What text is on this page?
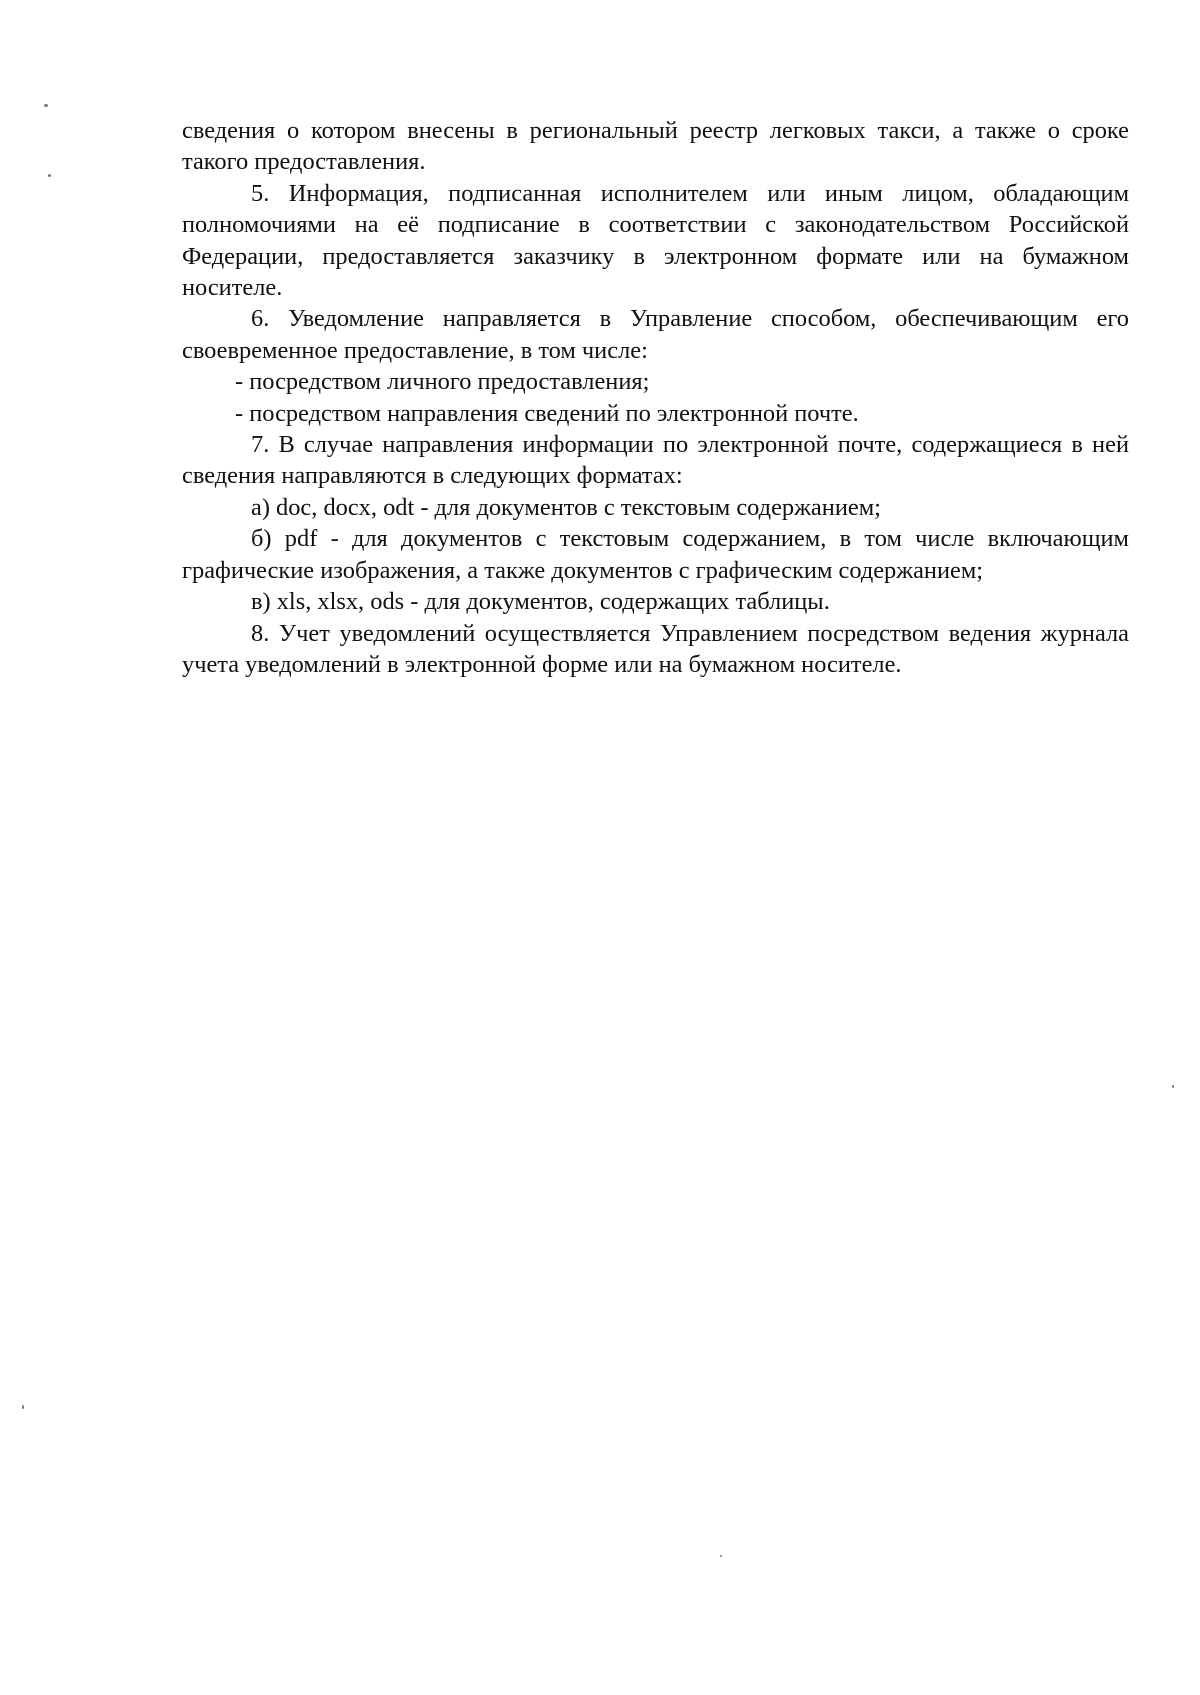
сведения о котором внесены в региональный реестр легковых такси, а также о сроке такого предоставления.

5. Информация, подписанная исполнителем или иным лицом, обладающим полномочиями на её подписание в соответствии с законодательством Российской Федерации, предоставляется заказчику в электронном формате или на бумажном носителе.

6. Уведомление направляется в Управление способом, обеспечивающим его своевременное предоставление, в том числе:

- посредством личного предоставления;

- посредством направления сведений по электронной почте.

7. В случае направления информации по электронной почте, содержащиеся в ней сведения направляются в следующих форматах:

а) doc, docx, odt - для документов с текстовым содержанием;

б) pdf - для документов с текстовым содержанием, в том числе включающим графические изображения, а также документов с графическим содержанием;

в) xls, xlsx, ods - для документов, содержащих таблицы.

8. Учет уведомлений осуществляется Управлением посредством ведения журнала учета уведомлений в электронной форме или на бумажном носителе.
